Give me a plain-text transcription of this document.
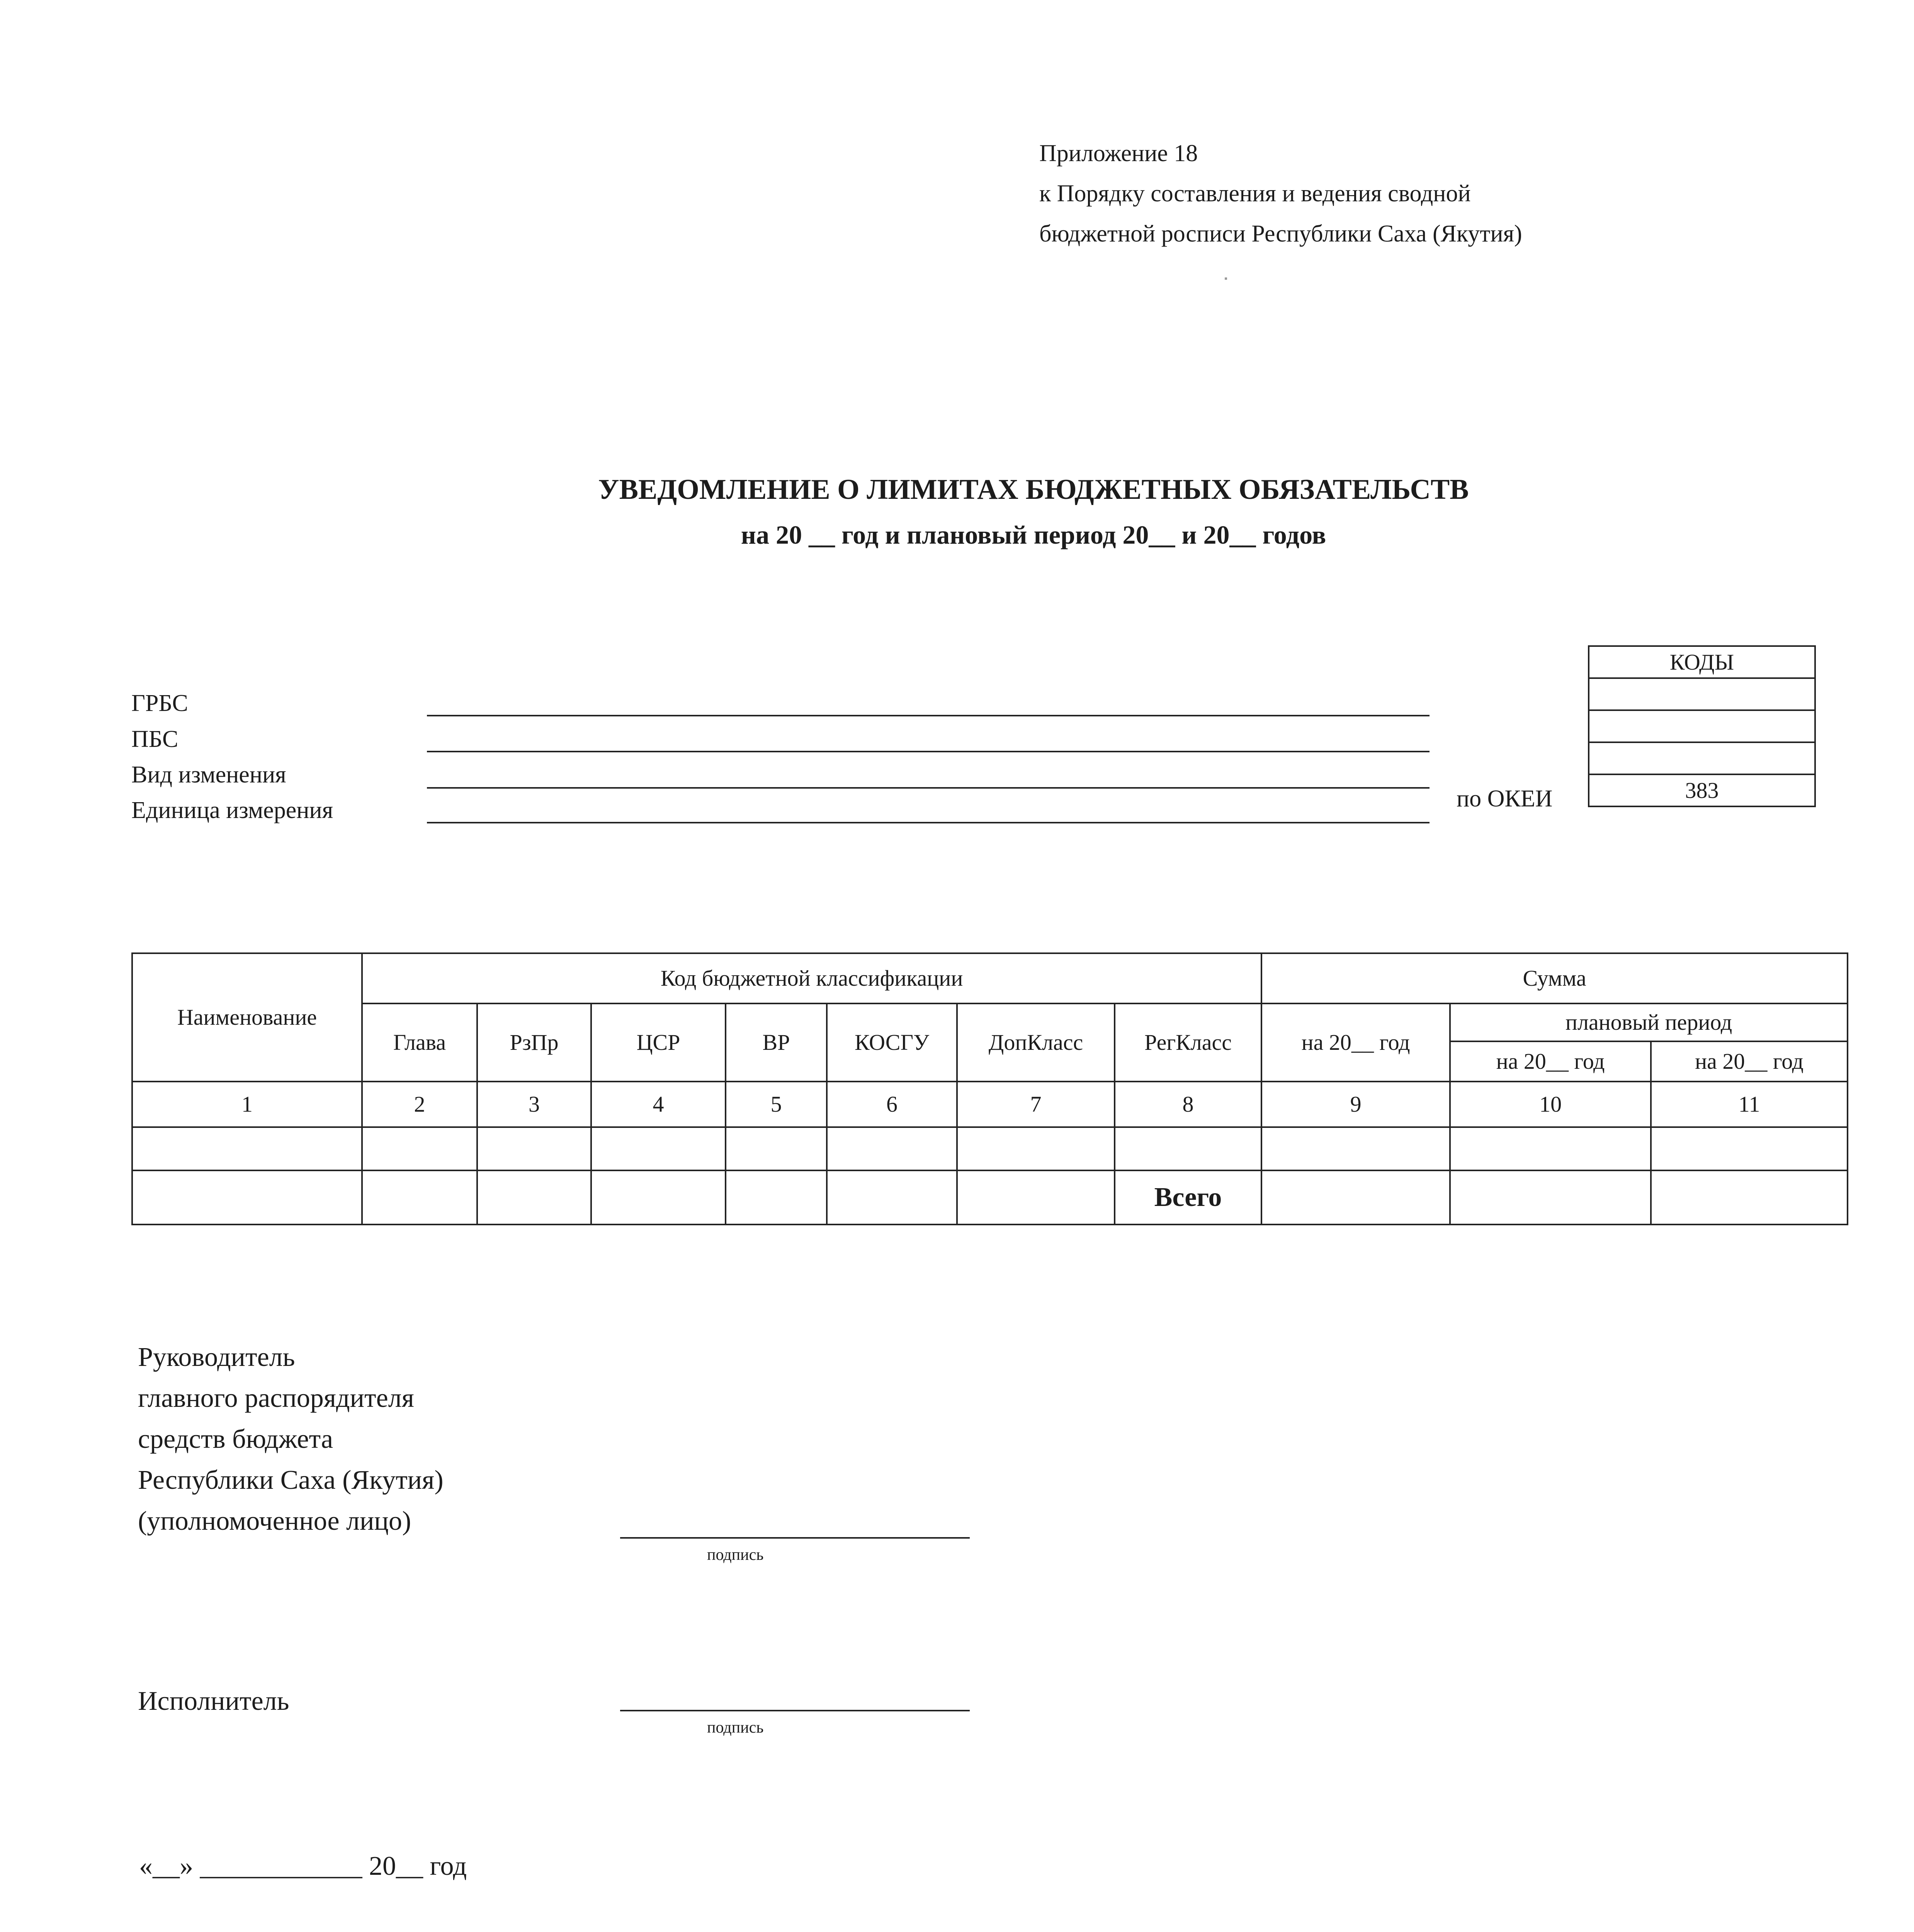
Приложение 18
к Порядку составления и ведения сводной
бюджетной росписи Республики Саха (Якутия)
УВЕДОМЛЕНИЕ О ЛИМИТАХ БЮДЖЕТНЫХ ОБЯЗАТЕЛЬСТВ
на 20 __ год и плановый период 20__ и 20__ годов
ГРБС
ПБС
Вид изменения
Единица измерения	по ОКЕИ
КОДЫ

383
Наименование	Код бюджетной классификации							Сумма		
	Глава	РзПр	ЦСР	ВР	КОСГУ	ДопКласс	РегКласс	на 20__ год	плановый период	
									на 20__ год	на 20__ год
1	2	3	4	5	6	7	8	9	10	11

							Всего			
Руководитель
главного распорядителя
средств бюджета
Республики Саха (Якутия)
(уполномоченное лицо)
подпись
Исполнитель
подпись
«__» ____________ 20__ год
